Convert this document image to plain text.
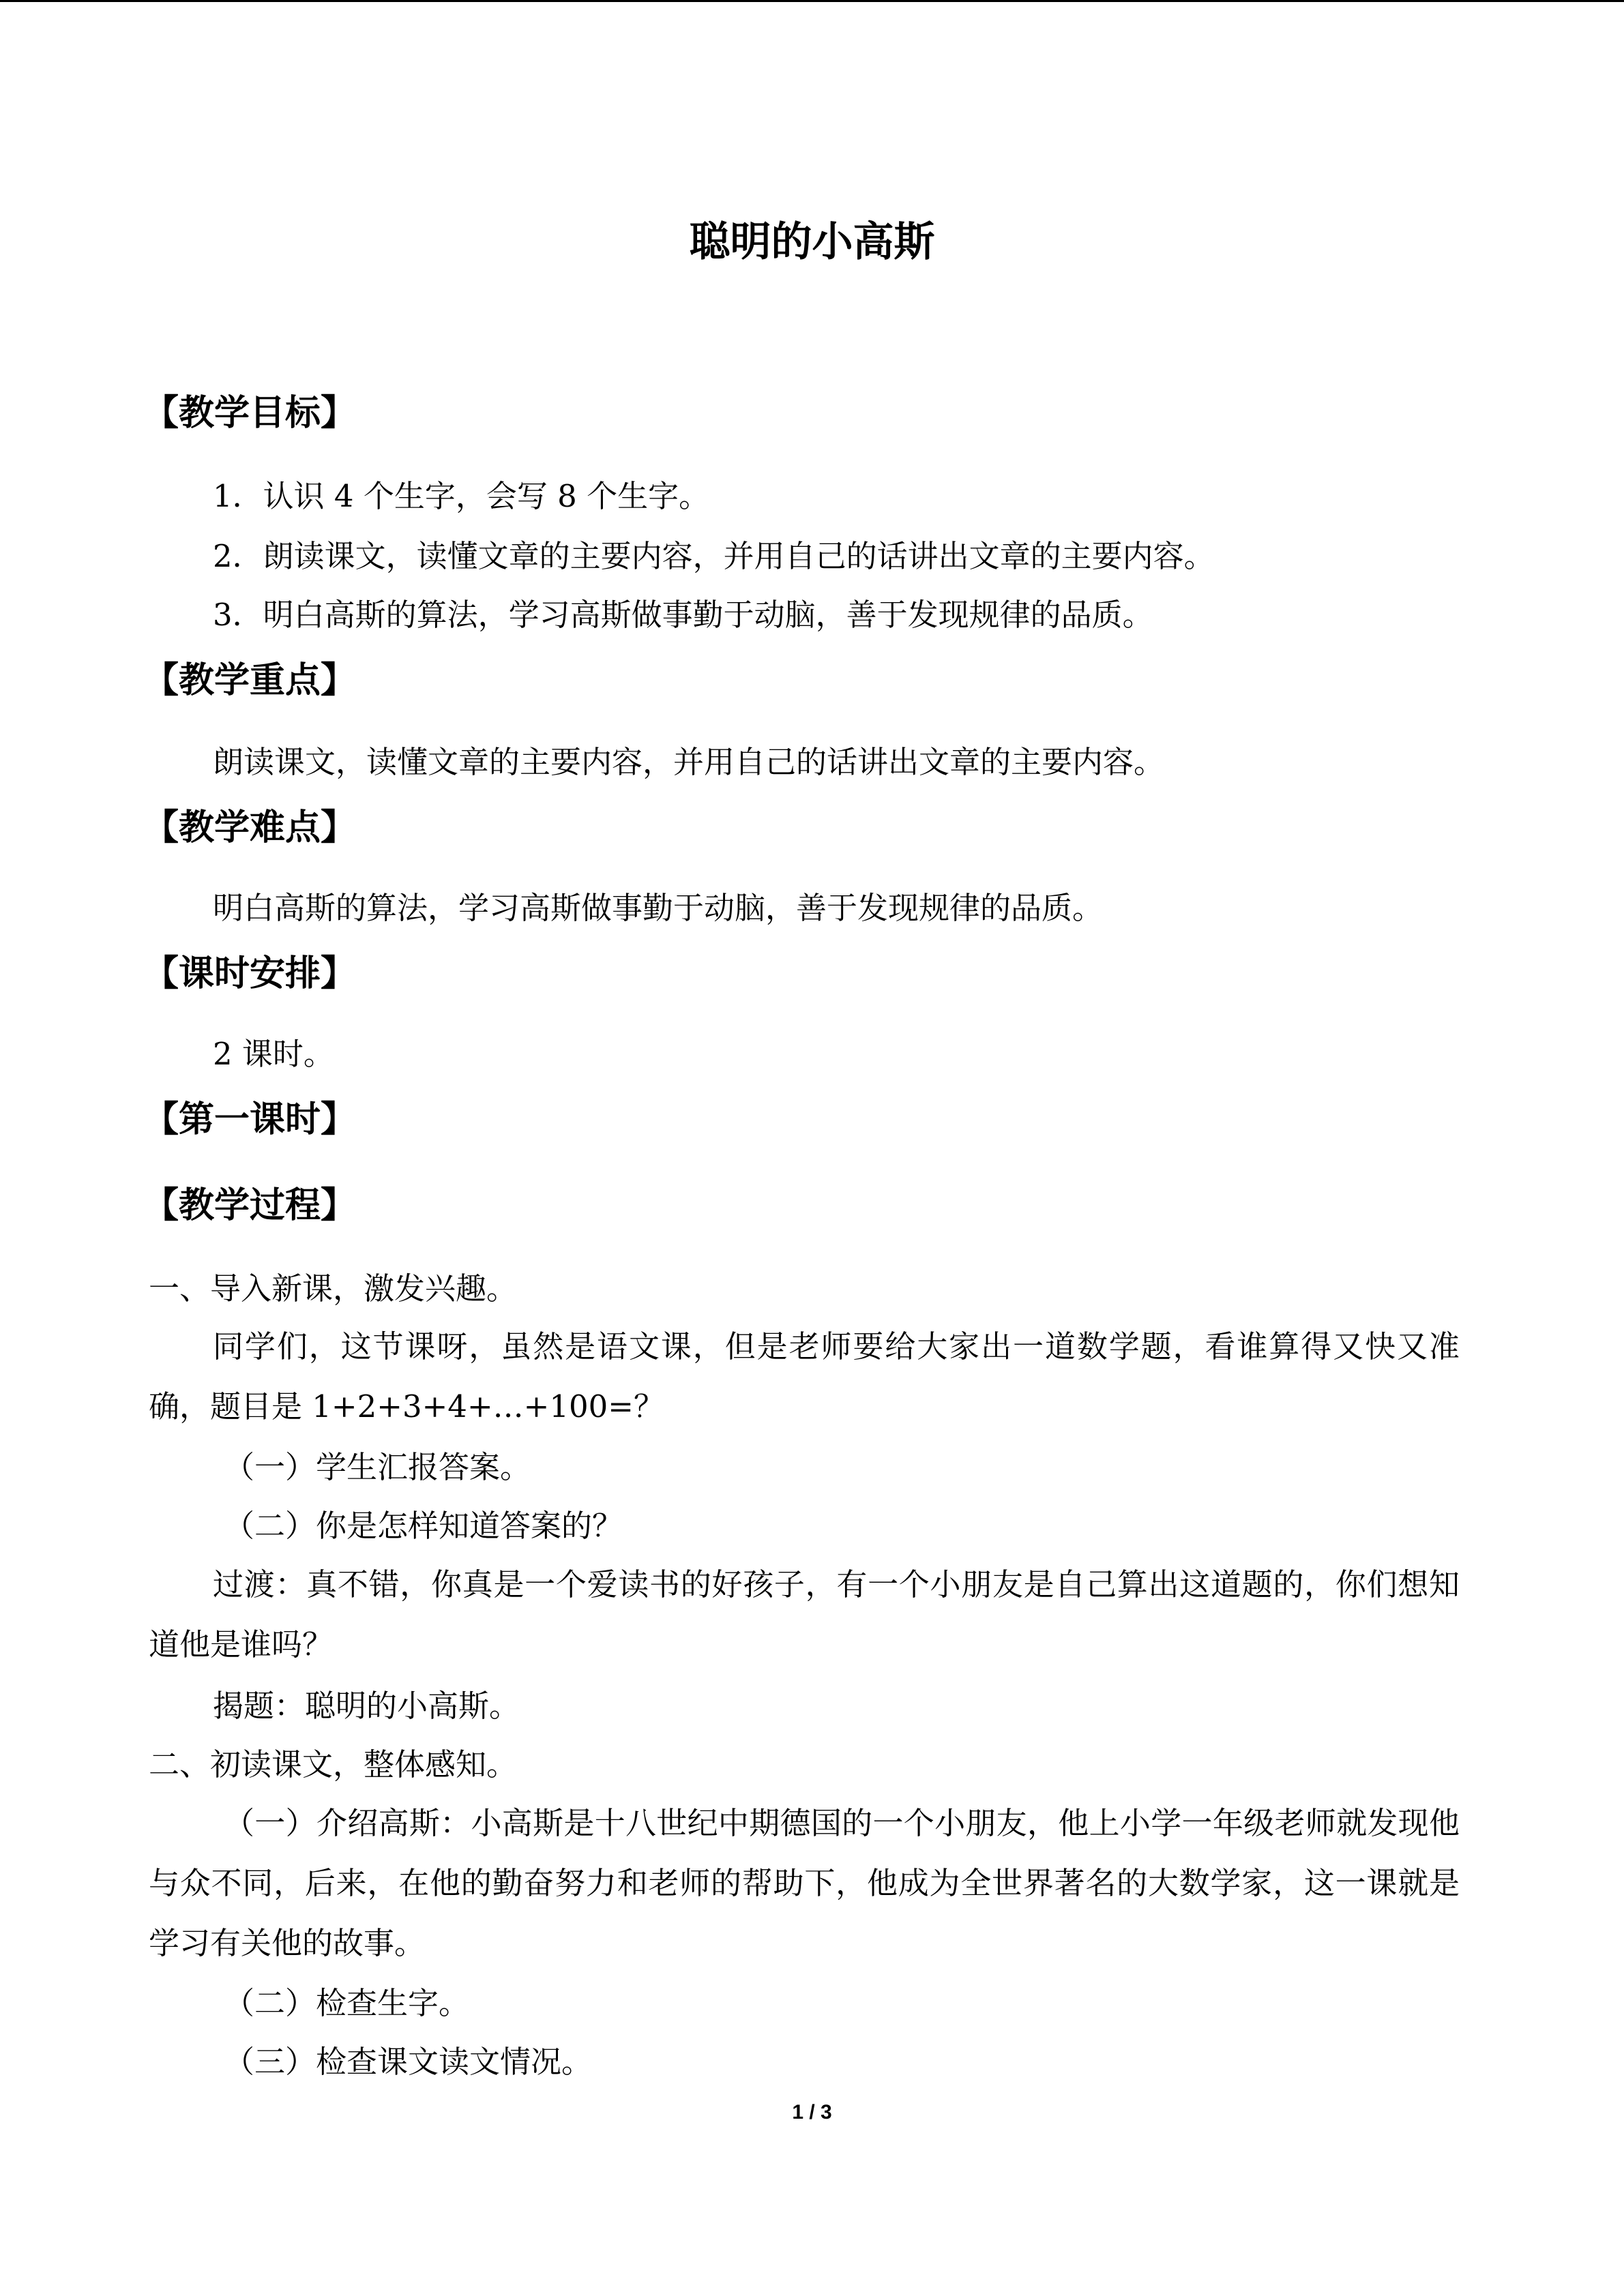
聪明的小高斯
【教学目标】
1．认识 4 个生字，会写 8 个生字。
2．朗读课文，读懂文章的主要内容，并用自己的话讲出文章的主要内容。
3．明白高斯的算法，学习高斯做事勤于动脑，善于发现规律的品质。
【教学重点】
朗读课文，读懂文章的主要内容，并用自己的话讲出文章的主要内容。
【教学难点】
明白高斯的算法，学习高斯做事勤于动脑，善于发现规律的品质。
【课时安排】
2 课时。
【第一课时】
【教学过程】
一、导入新课，激发兴趣。
同学们，这节课呀，虽然是语文课，但是老师要给大家出一道数学题，看谁算得又快又准确，题目是 1+2+3+4+…+100=？
（一）学生汇报答案。
（二）你是怎样知道答案的？
过渡：真不错，你真是一个爱读书的好孩子，有一个小朋友是自己算出这道题的，你们想知道他是谁吗？
揭题：聪明的小高斯。
二、初读课文，整体感知。
（一）介绍高斯：小高斯是十八世纪中期德国的一个小朋友，他上小学一年级老师就发现他与众不同，后来，在他的勤奋努力和老师的帮助下，他成为全世界著名的大数学家，这一课就是学习有关他的故事。
（二）检查生字。
（三）检查课文读文情况。
1 / 3
